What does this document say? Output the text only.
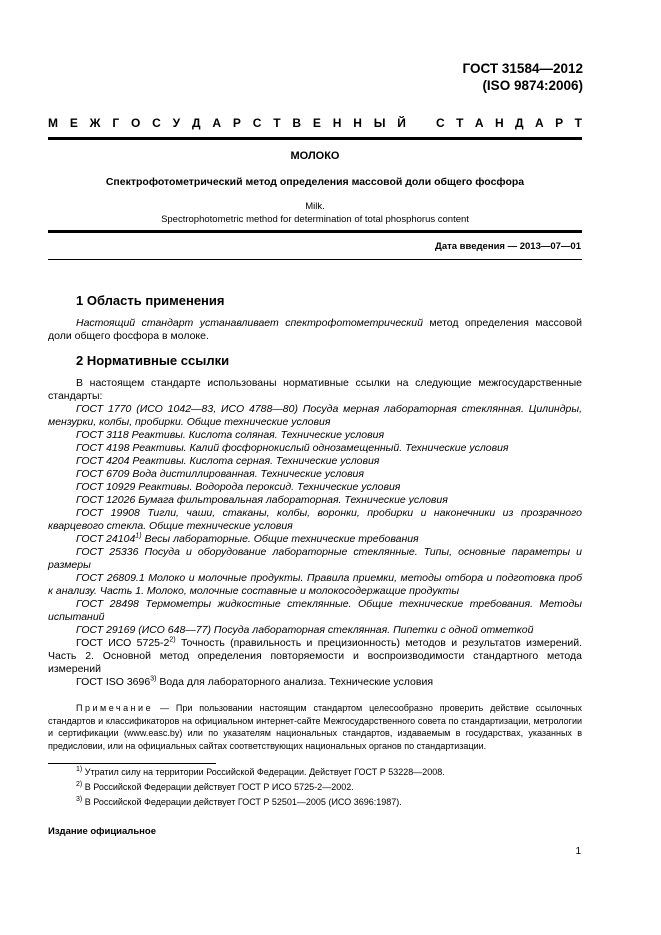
ГОСТ 31584—2012
(ISO 9874:2006)
М Е Ж Г О С У Д А Р С Т В Е Н Н Ы Й	С Т А Н Д А Р Т
МОЛОКО
Спектрофотометрический метод определения массовой доли общего фосфора
Milk.
Spectrophotometric method for determination of total phosphorus content
Дата введения — 2013—07—01
1 Область применения
Настоящий стандарт устанавливает спектрофотометрический метод определения массовой доли общего фосфора в молоке.
2 Нормативные ссылки
В настоящем стандарте использованы нормативные ссылки на следующие межгосударственные стандарты:
ГОСТ 1770 (ИСО 1042—83, ИСО 4788—80) Посуда мерная лабораторная стеклянная. Цилиндры, мензурки, колбы, пробирки. Общие технические условия
ГОСТ 3118 Реактивы. Кислота соляная. Технические условия
ГОСТ 4198 Реактивы. Калий фосфорнокислый однозамещенный. Технические условия
ГОСТ 4204 Реактивы. Кислота серная. Технические условия
ГОСТ 6709 Вода дистиллированная. Технические условия
ГОСТ 10929 Реактивы. Водорода пероксид. Технические условия
ГОСТ 12026 Бумага фильтровальная лабораторная. Технические условия
ГОСТ 19908 Тигли, чаши, стаканы, колбы, воронки, пробирки и наконечники из прозрачного кварцевого стекла. Общие технические условия
ГОСТ 24104$^{1)}$ Весы лабораторные. Общие технические требования
ГОСТ 25336 Посуда и оборудование лабораторные стеклянные. Типы, основные параметры и размеры
ГОСТ 26809.1 Молоко и молочные продукты. Правила приемки, методы отбора и подготовка проб к анализу. Часть 1. Молоко, молочные составные и молокосодержащие продукты
ГОСТ 28498 Термометры жидкостные стеклянные. Общие технические требования. Методы испытаний
ГОСТ 29169 (ИСО 648—77) Посуда лабораторная стеклянная. Пипетки с одной отметкой
ГОСТ ИСО 5725-2$^{2)}$ Точность (правильность и прецизионность) методов и результатов измерений. Часть 2. Основной метод определения повторяемости и воспроизводимости стандартного метода измерений
ГОСТ ISO 3696$^{3)}$ Вода для лабораторного анализа. Технические условия
Примечание — При пользовании настоящим стандартом целесообразно проверить действие ссылочных стандартов и классификаторов на официальном интернет-сайте Межгосударственного совета по стандартизации, метрологии и сертификации (www.easc.by) или по указателям национальных стандартов, издаваемым в государствах, указанных в предисловии, или на официальных сайтах соответствующих национальных органов по стандартизации.
$^{1)}$ Утратил силу на территории Российской Федерации. Действует ГОСТ Р 53228—2008.
$^{2)}$ В Российской Федерации действует ГОСТ Р ИСО 5725-2—2002.
$^{3)}$ В Российской Федерации действует ГОСТ Р 52501—2005 (ИСО 3696:1987).
Издание официальное
1
